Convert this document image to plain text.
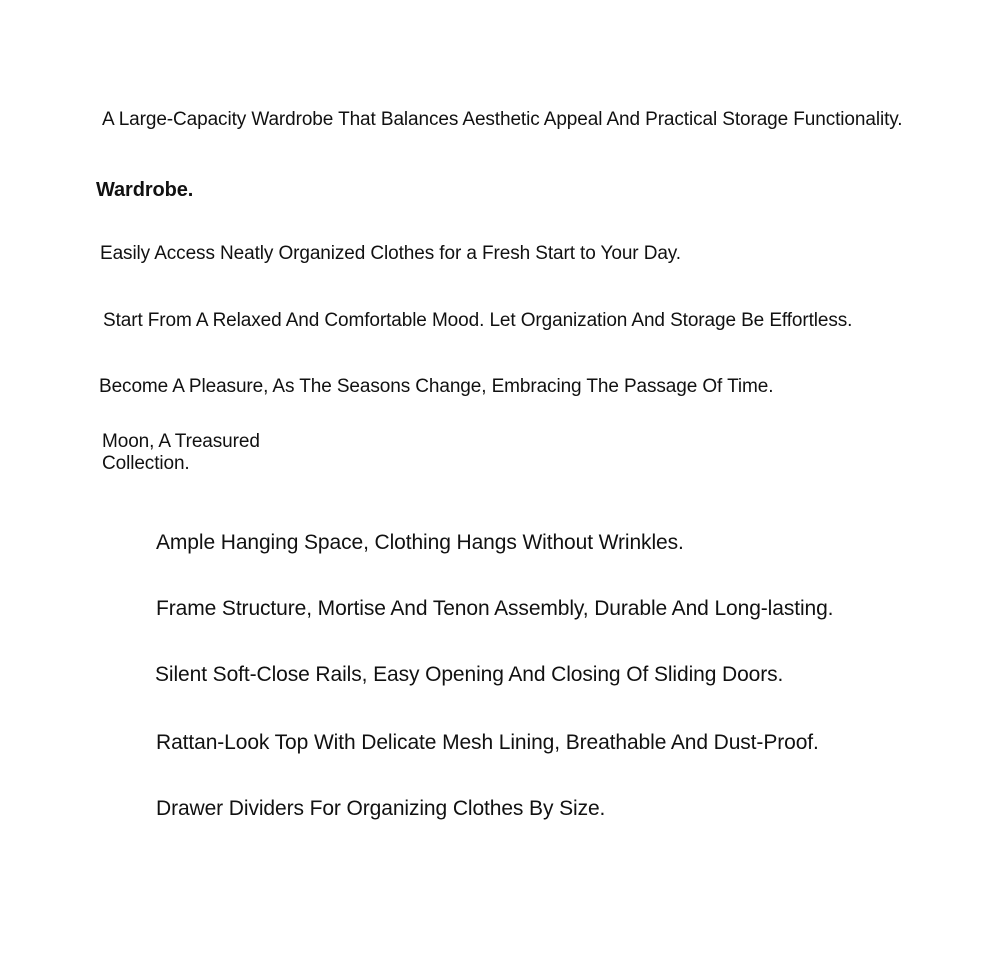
A Large-Capacity Wardrobe That Balances Aesthetic Appeal And Practical Storage Functionality.
Wardrobe.
Easily Access Neatly Organized Clothes for a Fresh Start to Your Day.
Start From A Relaxed And Comfortable Mood. Let Organization And Storage Be Effortless.
Become A Pleasure, As The Seasons Change, Embracing The Passage Of Time.
Moon, A Treasured Collection.
Ample Hanging Space, Clothing Hangs Without Wrinkles.
Frame Structure, Mortise And Tenon Assembly, Durable And Long-lasting.
Silent Soft-Close Rails, Easy Opening And Closing Of Sliding Doors.
Rattan-Look Top With Delicate Mesh Lining, Breathable And Dust-Proof.
Drawer Dividers For Organizing Clothes By Size.
